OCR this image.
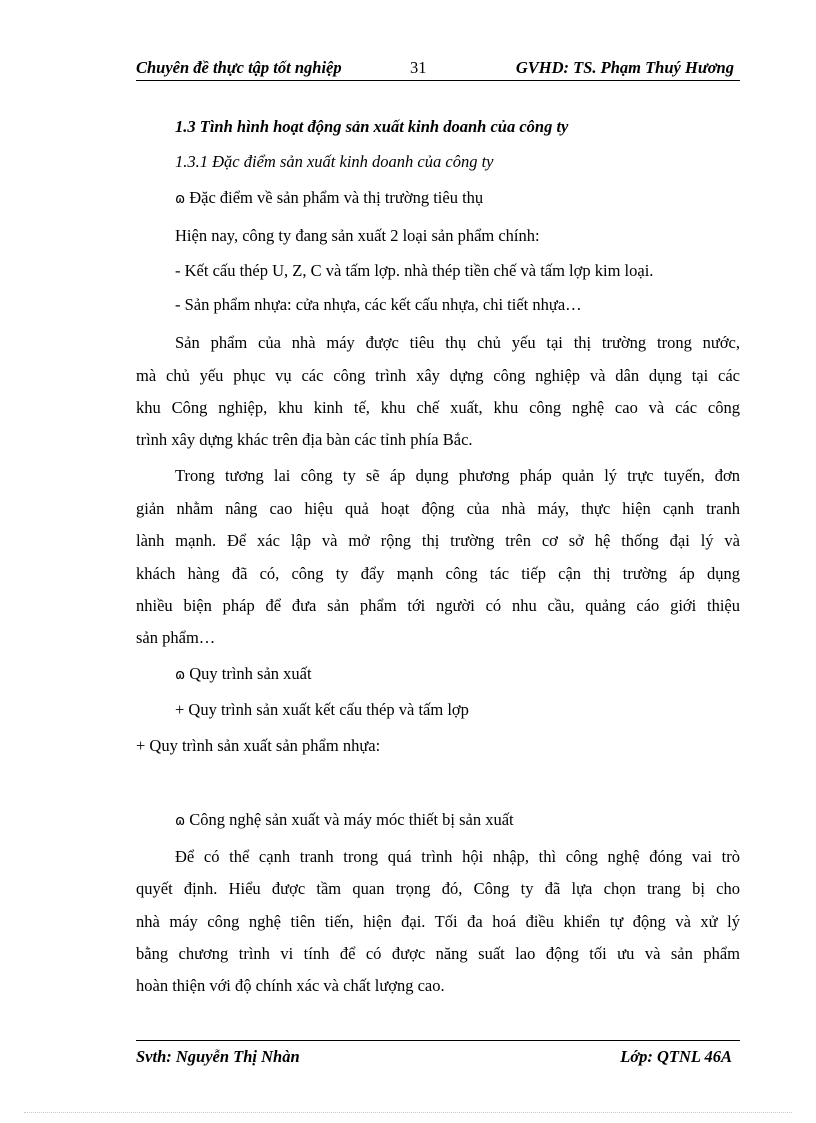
Chuyên đề thực tập tốt nghiệp	31	GVHD: TS. Phạm Thuý Hương
1.3 Tình hình hoạt động sản xuất kinh doanh của công ty
1.3.1 Đặc điểm sản xuất kinh doanh của công ty
ɷ Đặc điểm về sản phẩm và thị trường tiêu thụ
Hiện nay, công ty đang sản xuất 2 loại sản phẩm chính:
- Kết cấu thép U, Z, C và tấm lợp. nhà thép tiền chế và tấm lợp kim loại.
- Sản phẩm nhựa: cửa nhựa, các kết cấu nhựa, chi tiết nhựa…
Sản phẩm của nhà máy được tiêu thụ chủ yếu tại thị trường trong nước,
mà chủ yếu phục vụ các công trình xây dựng công nghiệp và dân dụng tại các
khu Công nghiệp, khu kinh tế, khu chế xuất, khu công nghệ cao và các công
trình xây dựng khác trên địa bàn các tỉnh phía Bắc.
Trong tương lai công ty sẽ áp dụng phương pháp quản lý trực tuyến, đơn
giản nhằm nâng cao hiệu quả hoạt động của nhà máy, thực hiện cạnh tranh
lành mạnh. Để xác lập và mở rộng thị trường trên cơ sở hệ thống đại lý và
khách hàng đã có, công ty đẩy mạnh công tác tiếp cận thị trường áp dụng
nhiều biện pháp để đưa sản phẩm tới người có nhu cầu, quảng cáo giới thiệu
sản phẩm…
ɷ Quy trình sản xuất
+ Quy trình sản xuất kết cấu thép và tấm lợp
+ Quy trình sản xuất sản phẩm nhựa:
ɷ Công nghệ sản xuất và máy móc thiết bị sản xuất
Để có thể cạnh tranh trong quá trình hội nhập, thì công nghệ đóng vai trò
quyết định. Hiểu được tầm quan trọng đó, Công ty đã lựa chọn trang bị cho
nhà máy công nghệ tiên tiến, hiện đại. Tối đa hoá điều khiển tự động và xử lý
bằng chương trình vi tính để có được năng suất lao động tối ưu và sản phẩm
hoàn thiện với độ chính xác và chất lượng cao.
Svth: Nguyễn Thị Nhàn	Lớp: QTNL 46A
